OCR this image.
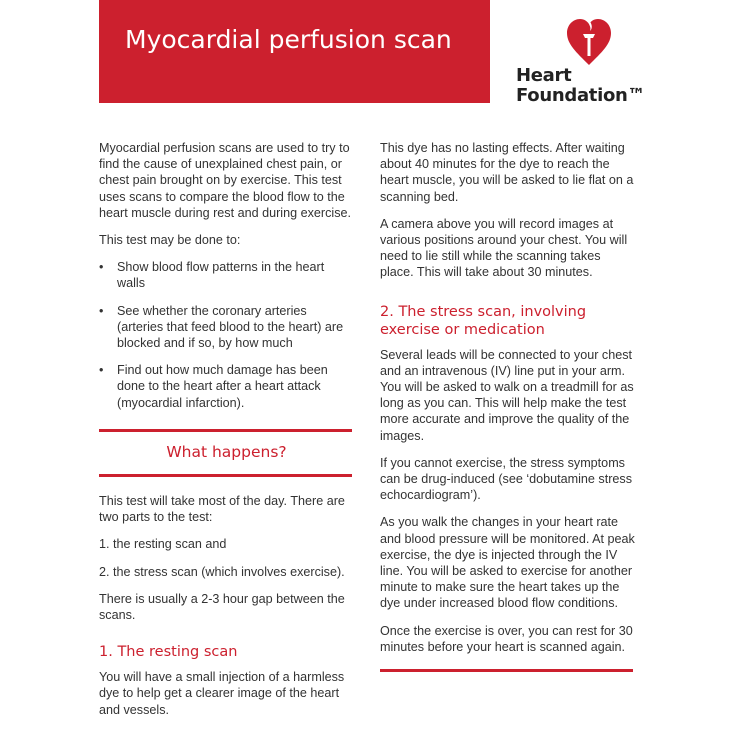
Myocardial perfusion scan
Heart
Foundation™

Myocardial perfusion scans are used to try to find the cause of unexplained chest pain, or chest pain brought on by exercise. This test uses scans to compare the blood flow to the heart muscle during rest and during exercise.

This test may be done to:

• Show blood flow patterns in the heart walls
• See whether the coronary arteries (arteries that feed blood to the heart) are blocked and if so, by how much
• Find out how much damage has been done to the heart after a heart attack (myocardial infarction).
What happens?

This test will take most of the day. There are two parts to the test:

1. the resting scan and

2. the stress scan (which involves exercise).

There is usually a 2-3 hour gap between the scans.

1. The resting scan

You will have a small injection of a harmless dye to help get a clearer image of the heart and vessels.

This dye has no lasting effects. After waiting about 40 minutes for the dye to reach the heart muscle, you will be asked to lie flat on a scanning bed.

A camera above you will record images at various positions around your chest. You will need to lie still while the scanning takes place. This will take about 30 minutes.

2. The stress scan, involving exercise or medication

Several leads will be connected to your chest and an intravenous (IV) line put in your arm. You will be asked to walk on a treadmill for as long as you can. This will help make the test more accurate and improve the quality of the images.

If you cannot exercise, the stress symptoms can be drug-induced (see ‘dobutamine stress echocardiogram’).

As you walk the changes in your heart rate and blood pressure will be monitored. At peak exercise, the dye is injected through the IV line. You will be asked to exercise for another minute to make sure the heart takes up the dye under increased blood flow conditions.

Once the exercise is over, you can rest for 30 minutes before your heart is scanned again.
